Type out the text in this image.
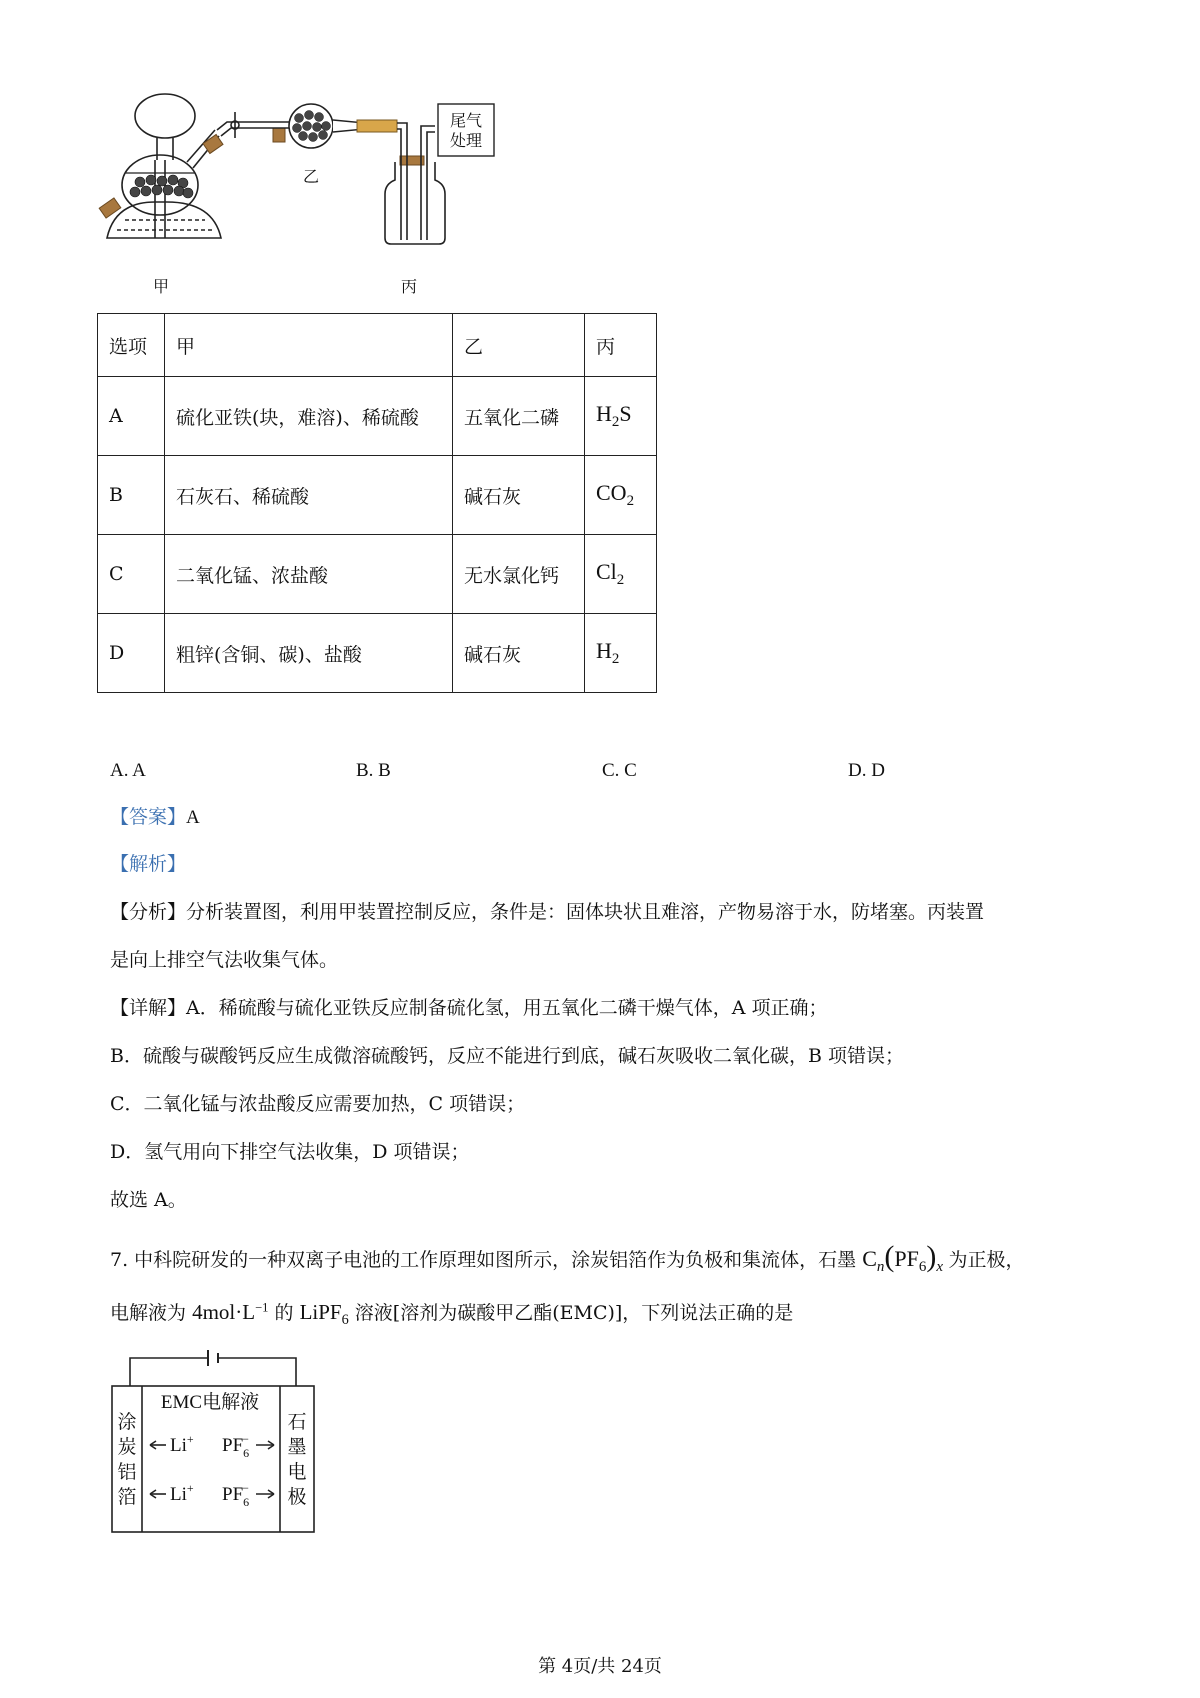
尾气
处理
乙
甲	丙
选项	甲	乙	丙
A	硫化亚铁(块，难溶)、稀硫酸	五氧化二磷	$H_2S$
B	石灰石、稀硫酸	碱石灰	$CO_2$
C	二氧化锰、浓盐酸	无水氯化钙	$Cl_2$
D	粗锌(含铜、碳)、盐酸	碱石灰	$H_2$
A. A	B. B	C. C	D. D
【答案】A
【解析】
【分析】分析装置图，利用甲装置控制反应，条件是：固体块状且难溶，产物易溶于水，防堵塞。丙装置
是向上排空气法收集气体。
【详解】A．稀硫酸与硫化亚铁反应制备硫化氢，用五氧化二磷干燥气体，A 项正确；
B．硫酸与碳酸钙反应生成微溶硫酸钙，反应不能进行到底，碱石灰吸收二氧化碳，B 项错误；
C．二氧化锰与浓盐酸反应需要加热，C 项错误；
D．氢气用向下排空气法收集，D 项错误；
故选 A。
7. 中科院研发的一种双离子电池的工作原理如图所示，涂炭铝箔作为负极和集流体，石墨 $C_n(PF_6)_x$ 为正极，
电解液为 $4mol\cdot L^{-1}$ 的 LiPF$_6$ 溶液[溶剂为碳酸甲乙酯(EMC)]，下列说法正确的是
EMC电解液
涂
炭
铝
箔
石
墨
电
极
Li+ $PF_6-$
Li+ $PF_6-$
第 4页/共 24页
